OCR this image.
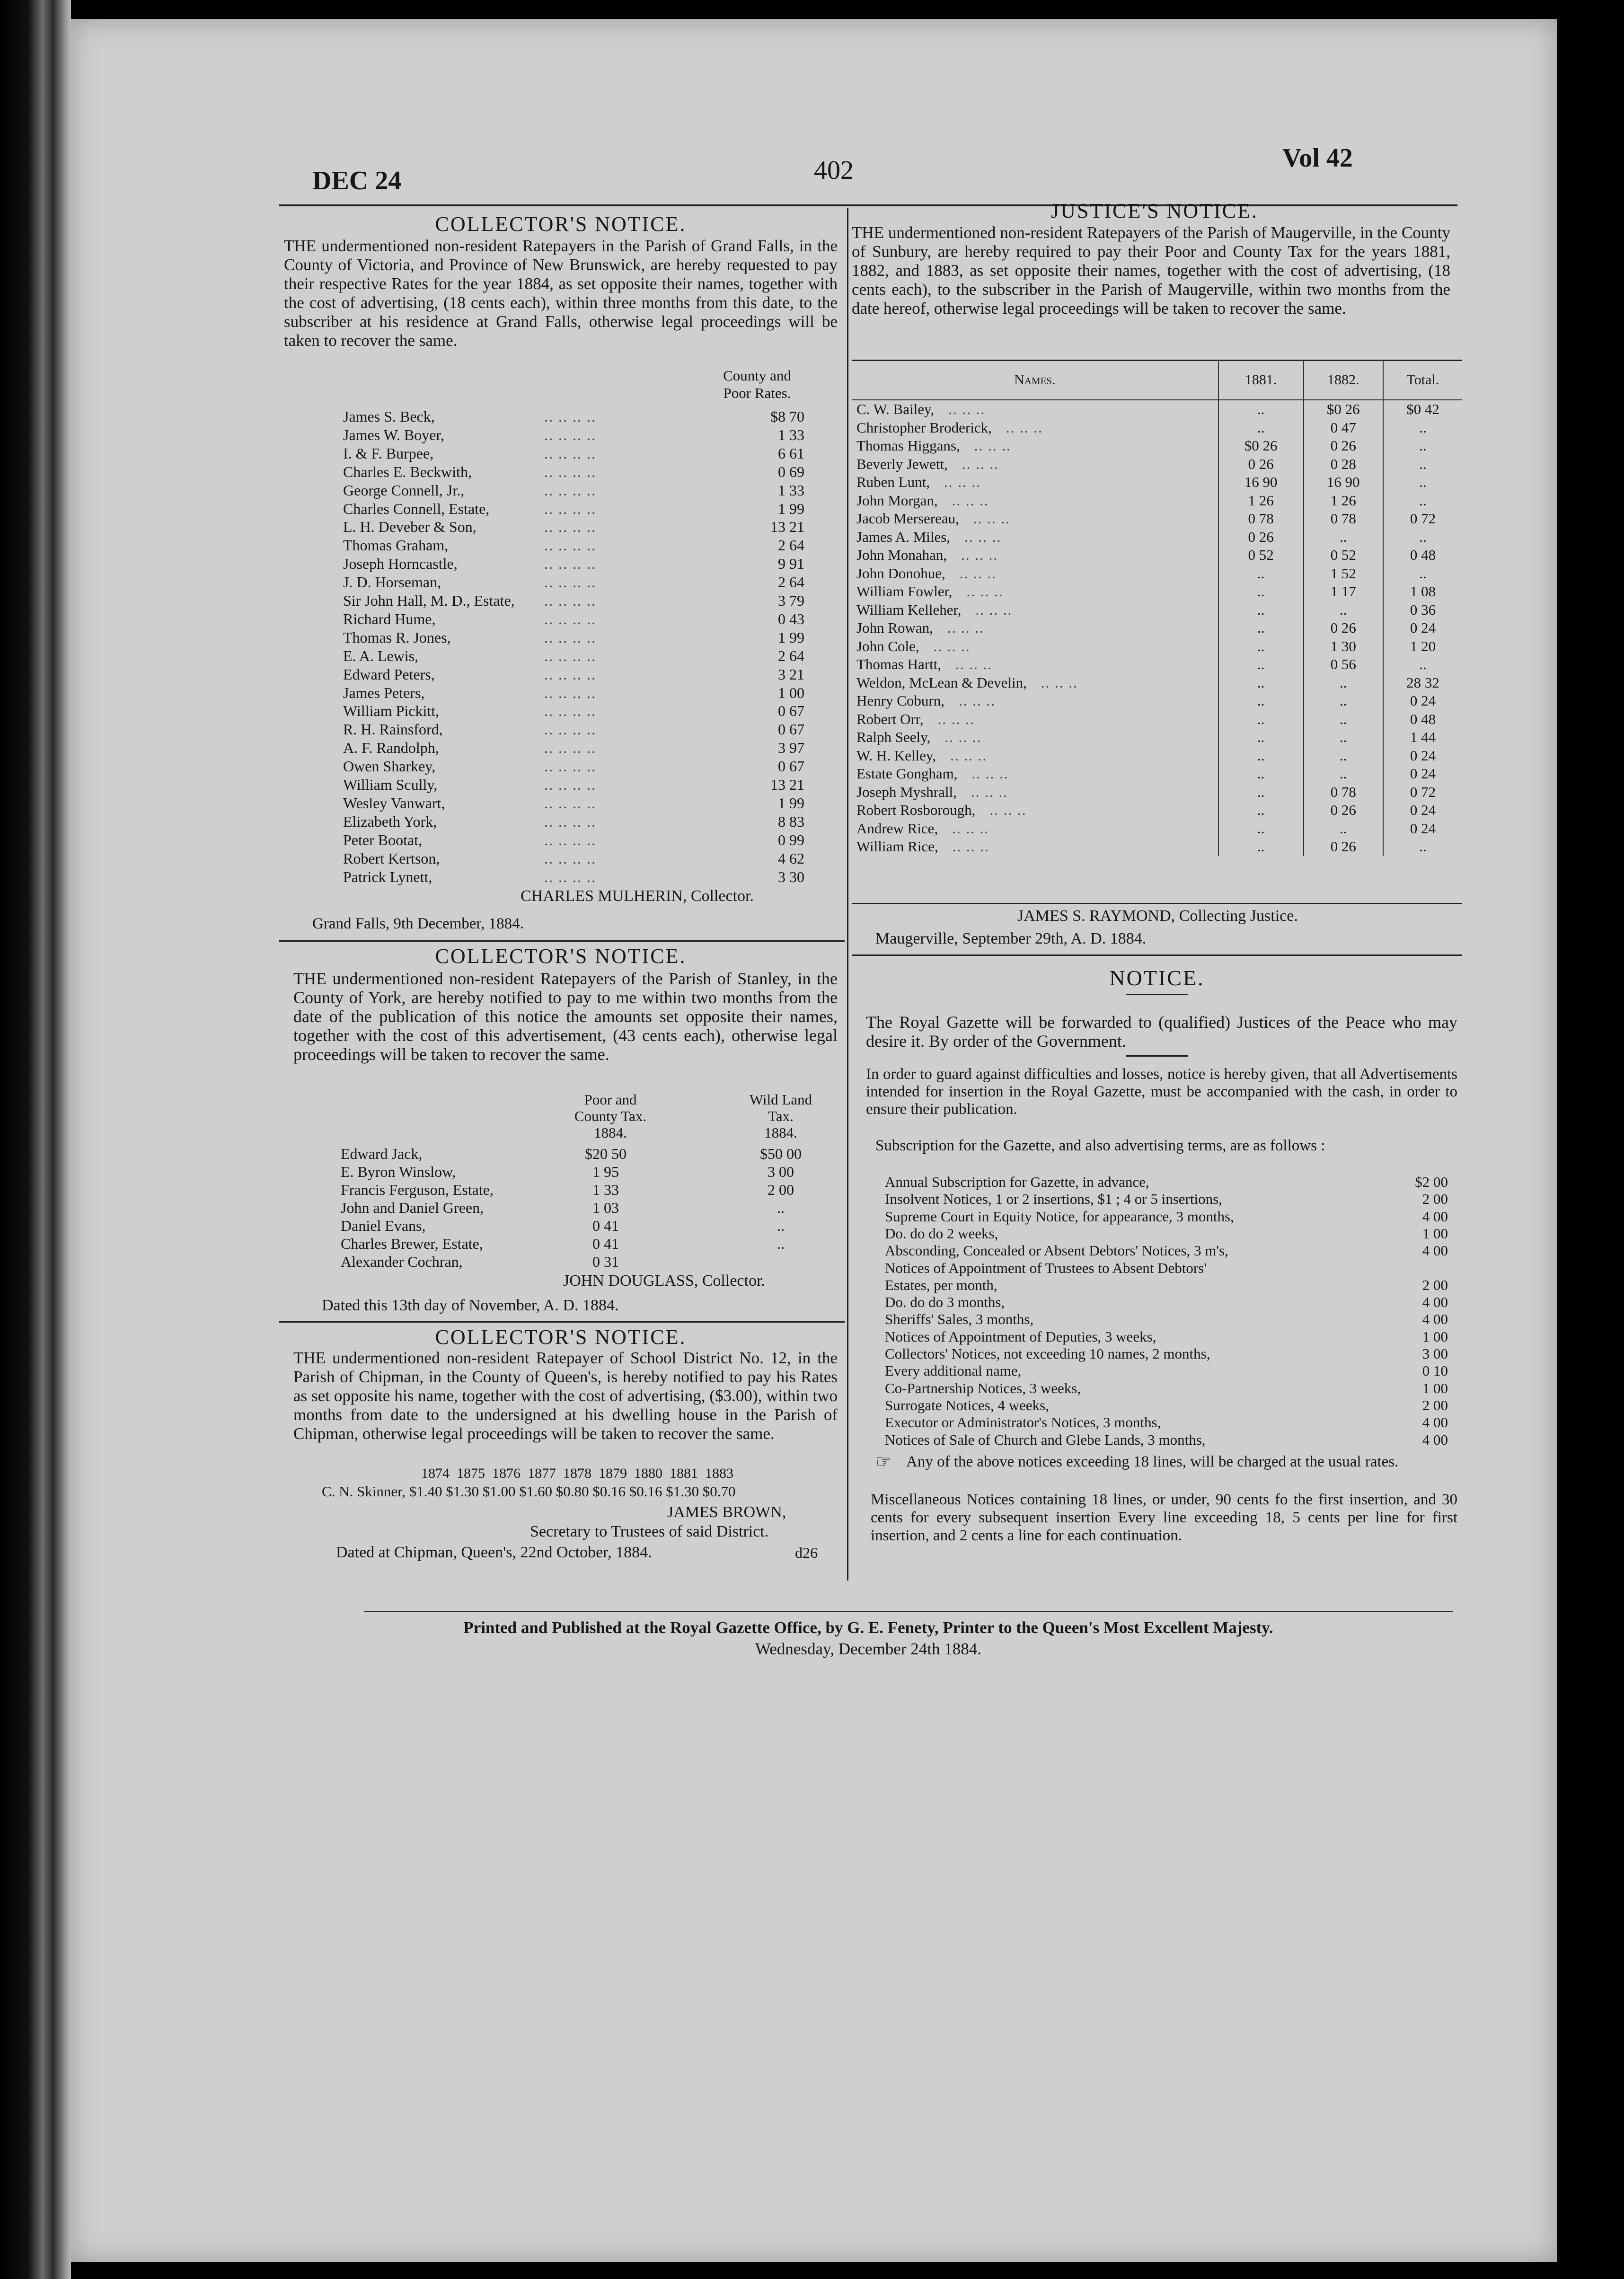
DEC 24	402	Vol 42
COLLECTOR'S NOTICE.
THE undermentioned non-resident Ratepayers in the Parish of Grand Falls, in the County of Victoria, and Province of New Brunswick, are hereby requested to pay their respective Rates for the year 1884, as set opposite their names, together with the cost of advertising, (18 cents each), within three months from this date, to the subscriber at his residence at Grand Falls, otherwise legal proceedings will be taken to recover the same.
County and
Poor Rates.
CHARLES MULHERIN, Collector.
Grand Falls, 9th December, 1884.
COLLECTOR'S NOTICE.
THE undermentioned non-resident Ratepayers of the Parish of Stanley, in the County of York, are hereby notified to pay to me within two months from the date of the publication of this notice the amounts set opposite their names, together with the cost of this advertisement, (43 cents each), otherwise legal proceedings will be taken to recover the same.
Poor and
County Tax.
1884.
Wild Land
Tax.
1884.
JOHN DOUGLASS, Collector.
Dated this 13th day of November, A. D. 1884.
COLLECTOR'S NOTICE.
THE undermentioned non-resident Ratepayer of School District No. 12, in the Parish of Chipman, in the County of Queen's, is hereby notified to pay his Rates as set opposite his name, together with the cost of advertising, ($3.00), within two months from date to the undersigned at his dwelling house in the Parish of Chipman, otherwise legal proceedings will be taken to recover the same.
1874  1875  1876  1877  1878  1879  1880  1881  1883
C. N. Skinner, $1.40 $1.30 $1.00 $1.60 $0.80 $0.16 $0.16 $1.30 $0.70
JAMES BROWN,
Secretary to Trustees of said District.
Dated at Chipman, Queen's, 22nd October, 1884.	d26
JUSTICE'S NOTICE.
THE undermentioned non-resident Ratepayers of the Parish of Maugerville, in the County of Sunbury, are hereby required to pay their Poor and County Tax for the years 1881, 1882, and 1883, as set opposite their names, together with the cost of advertising, (18 cents each), to the subscriber in the Parish of Maugerville, within two months from the date hereof, otherwise legal proceedings will be taken to recover the same.
Names.	1881.	1882.	Total.
C. W. Bailey, .. .. ..	..	$0 26	$0 42
Christopher Broderick, .. .. ..	..	0 47	..
Thomas Higgans, .. .. ..	$0 26	0 26	..
Beverly Jewett, .. .. ..	0 26	0 28	..
Ruben Lunt, .. .. ..	16 90	16 90	..
John Morgan, .. .. ..	1 26	1 26	..
Jacob Mersereau, .. .. ..	0 78	0 78	0 72
James A. Miles, .. .. ..	0 26	..	..
John Monahan, .. .. ..	0 52	0 52	0 48
John Donohue, .. .. ..	..	1 52	..
William Fowler, .. .. ..	..	1 17	1 08
William Kelleher, .. .. ..	..	..	0 36
John Rowan, .. .. ..	..	0 26	0 24
John Cole, .. .. ..	..	1 30	1 20
Thomas Hartt, .. .. ..	..	0 56	..
Weldon, McLean & Develin, .. .. ..	..	..	28 32
Henry Coburn, .. .. ..	..	..	0 24
Robert Orr, .. .. ..	..	..	0 48
Ralph Seely, .. .. ..	..	..	1 44
W. H. Kelley, .. .. ..	..	..	0 24
Estate Gongham, .. .. ..	..	..	0 24
Joseph Myshrall, .. .. ..	..	0 78	0 72
Robert Rosborough, .. .. ..	..	0 26	0 24
Andrew Rice, .. .. ..	..	..	0 24
William Rice, .. .. ..	..	0 26	..
JAMES S. RAYMOND, Collecting Justice.
Maugerville, September 29th, A. D. 1884.
NOTICE.
The Royal Gazette will be forwarded to (qualified) Justices of the Peace who may desire it. By order of the Government.
In order to guard against difficulties and losses, notice is hereby given, that all Advertisements intended for insertion in the Royal Gazette, must be accompanied with the cash, in order to ensure their publication.
Subscription for the Gazette, and also advertising terms, are as follows :
☞ Any of the above notices exceeding 18 lines, will be charged at the usual rates.
Miscellaneous Notices containing 18 lines, or under, 90 cents fo the first insertion, and 30 cents for every subsequent insertion Every line exceeding 18, 5 cents per line for first insertion, and 2 cents a line for each continuation.
Printed and Published at the Royal Gazette Office, by G. E. Fenety, Printer to the Queen's Most Excellent Majesty.
Wednesday, December 24th 1884.
James S. Beck,	.. .. .. ..	$8 70
James W. Boyer,	.. .. .. ..	1 33
I. & F. Burpee,	.. .. .. ..	6 61
Charles E. Beckwith,	.. .. .. ..	0 69
George Connell, Jr.,	.. .. .. ..	1 33
Charles Connell, Estate,	.. .. .. ..	1 99
L. H. Deveber & Son,	.. .. .. ..	13 21
Thomas Graham,	.. .. .. ..	2 64
Joseph Horncastle,	.. .. .. ..	9 91
J. D. Horseman,	.. .. .. ..	2 64
Sir John Hall, M. D., Estate, .. .. .. ..	3 79
Richard Hume,	.. .. .. ..	0 43
Thomas R. Jones,	.. .. .. ..	1 99
E. A. Lewis,	.. .. .. ..	2 64
Edward Peters,	.. .. .. ..	3 21
James Peters,	.. .. .. ..	1 00
William Pickitt,	.. .. .. ..	0 67
R. H. Rainsford,	.. .. .. ..	0 67
A. F. Randolph,	.. .. .. ..	3 97
Owen Sharkey,	.. .. .. ..	0 67
William Scully,	.. .. .. ..	13 21
Wesley Vanwart,	.. .. .. ..	1 99
Elizabeth York,	.. .. .. ..	8 83
Peter Bootat,	.. .. .. ..	0 99
Robert Kertson,	.. .. .. ..	4 62
Patrick Lynett,	.. .. .. ..	3 30
Edward Jack,	$20 50	$50 00
E. Byron Winslow,	1 95	3 00
Francis Ferguson, Estate,	1 33	2 00
John and Daniel Green,	1 03	..
Daniel Evans,	0 41	..
Charles Brewer, Estate,	0 41	..
Alexander Cochran,	0 31
Annual Subscription for Gazette, in advance,	$2 00
Insolvent Notices, 1 or 2 insertions, $1 ; 4 or 5 insertions,	2 00
Supreme Court in Equity Notice, for appearance, 3 months,	4 00
Do. do do 2 weeks,	1 00
Absconding, Concealed or Absent Debtors' Notices, 3 m's,	4 00
Notices of Appointment of Trustees to Absent Debtors'
Estates, per month,	2 00
Do. do do 3 months,	4 00
Sheriffs' Sales, 3 months,	4 00
Notices of Appointment of Deputies, 3 weeks,	1 00
Collectors' Notices, not exceeding 10 names, 2 months,	3 00
Every additional name,	0 10
Co-Partnership Notices, 3 weeks,	1 00
Surrogate Notices, 4 weeks,	2 00
Executor or Administrator's Notices, 3 months,	4 00
Notices of Sale of Church and Glebe Lands, 3 months,	4 00
